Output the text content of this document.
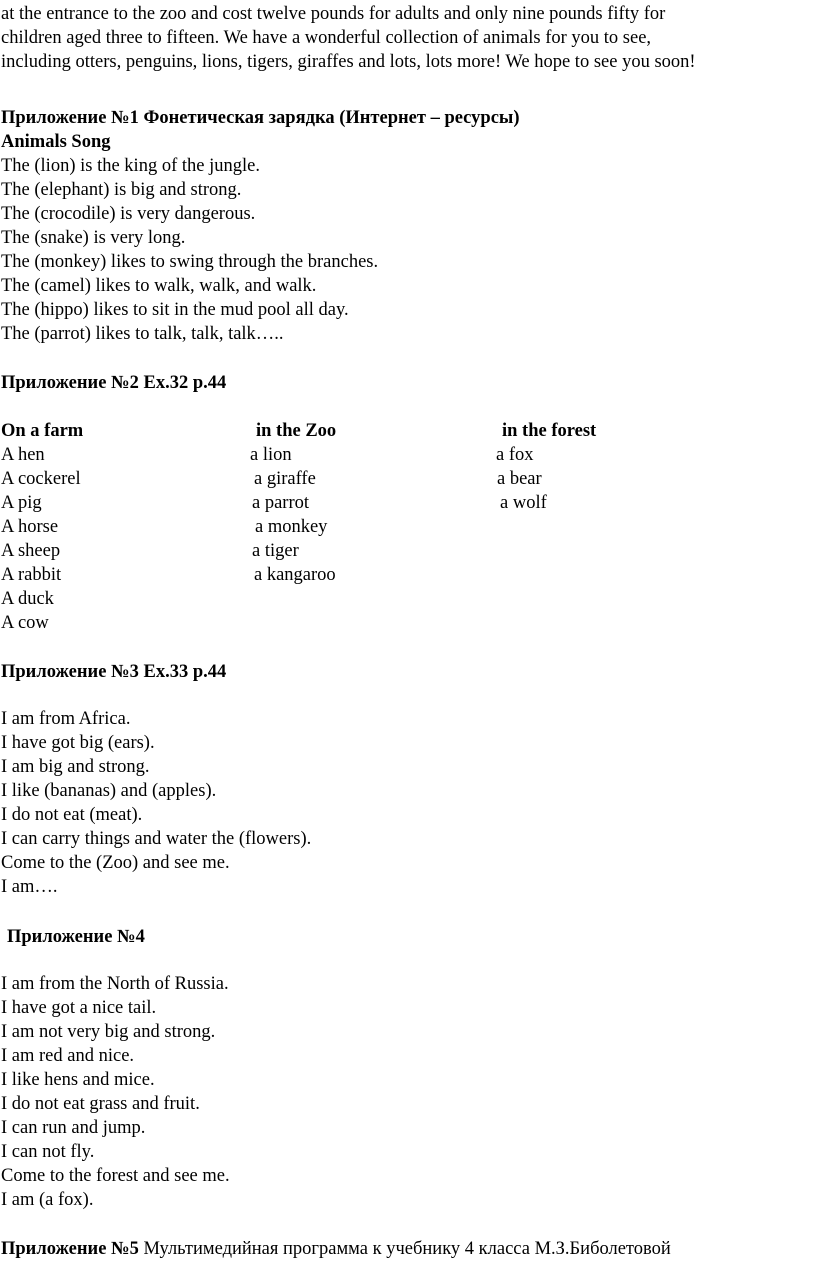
at the entrance to the zoo and cost twelve pounds for adults and only nine pounds fifty for
children aged three to fifteen. We have a wonderful collection of animals for you to see,
including otters, penguins, lions, tigers, giraffes and lots, lots more! We hope to see you soon!
Приложение №1 Фонетическая зарядка (Интернет – ресурсы)
Animals Song
The (lion) is the king of the jungle.
The (elephant) is big and strong.
The (crocodile) is very dangerous.
The (snake) is very long.
The (monkey) likes to swing through the branches.
The (camel) likes to walk, walk, and walk.
The (hippo) likes to sit in the mud pool all day.
The (parrot) likes to talk, talk, talk…..
Приложение №2 Ex.32 p.44
On a farm	in the Zoo	in the forest
A hen
A cockerel
A pig
A horse
A sheep
A rabbit
A duck
A cow
a lion
a giraffe
a parrot
a monkey
a tiger
a kangaroo
a fox
a bear
a wolf
Приложение №3 Ex.33 p.44
I am from Africa.
I have got big (ears).
I am big and strong.
I like (bananas) and (apples).
I do not eat (meat).
I can carry things and water the (flowers).
Come to the (Zoo) and see me.
I am….
Приложение №4
I am from the North of Russia.
I have got a nice tail.
I am not very big and strong.
I am red and nice.
I like hens and mice.
I do not eat grass and fruit.
I can run and jump.
I can not fly.
Come to the forest and see me.
I am (a fox).
Приложение №5 Мультимедийная программа к учебнику 4 класса М.З.Биболетовой
